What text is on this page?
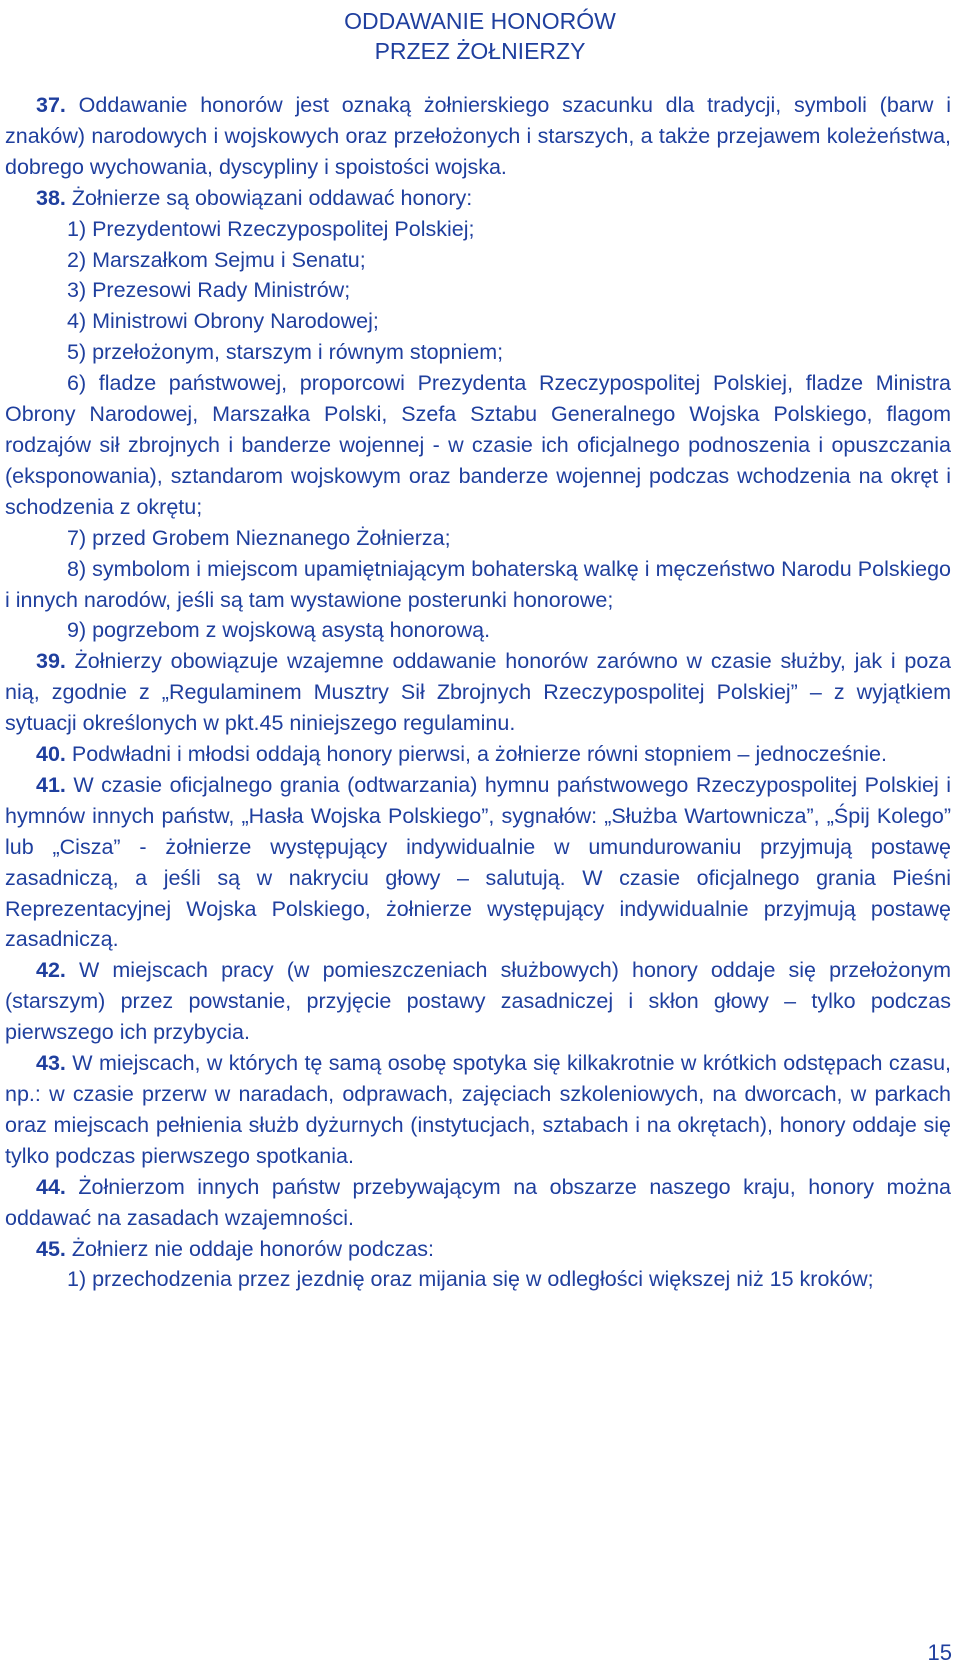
ODDAWANIE HONORÓW
PRZEZ ŻOŁNIERZY

37. Oddawanie honorów jest oznaką żołnierskiego szacunku dla tradycji, symboli (barw i znaków) narodowych i wojskowych oraz przełożonych i starszych, a także przejawem koleżeństwa, dobrego wychowania, dyscypliny i spoistości wojska.

38. Żołnierze są obowiązani oddawać honory:

1) Prezydentowi Rzeczypospolitej Polskiej;

2) Marszałkom Sejmu i Senatu;

3) Prezesowi Rady Ministrów;

4) Ministrowi Obrony Narodowej;

5) przełożonym, starszym i równym stopniem;

6) fladze państwowej, proporcowi Prezydenta Rzeczypospolitej Polskiej, fladze Ministra Obrony Narodowej, Marszałka Polski, Szefa Sztabu Generalnego Wojska Polskiego, flagom rodzajów sił zbrojnych i banderze wojennej - w czasie ich oficjalnego podnoszenia i opuszczania (eksponowania), sztandarom wojskowym oraz banderze wojennej podczas wchodzenia na okręt i schodzenia z okrętu;

7) przed Grobem Nieznanego Żołnierza;

8) symbolom i miejscom upamiętniającym bohaterską walkę i męczeństwo Narodu Polskiego i innych narodów, jeśli są tam wystawione posterunki honorowe;

9) pogrzebom z wojskową asystą honorową.

39. Żołnierzy obowiązuje wzajemne oddawanie honorów zarówno w czasie służby, jak i poza nią, zgodnie z „Regulaminem Musztry Sił Zbrojnych Rzeczypospolitej Polskiej” – z wyjątkiem sytuacji określonych w pkt.45 niniejszego regulaminu.

40. Podwładni i młodsi oddają honory pierwsi, a żołnierze równi stopniem – jednocześnie.

41. W czasie oficjalnego grania (odtwarzania) hymnu państwowego Rzeczypospolitej Polskiej i hymnów innych państw, „Hasła Wojska Polskiego”, sygnałów: „Służba Wartownicza”, „Śpij Kolego” lub „Cisza” - żołnierze występujący indywidualnie w umundurowaniu przyjmują postawę zasadniczą, a jeśli są w nakryciu głowy – salutują. W czasie oficjalnego grania Pieśni Reprezentacyjnej Wojska Polskiego, żołnierze występujący indywidualnie przyjmują postawę zasadniczą.

42. W miejscach pracy (w pomieszczeniach służbowych) honory oddaje się przełożonym (starszym) przez powstanie, przyjęcie postawy zasadniczej i skłon głowy – tylko podczas pierwszego ich przybycia.

43. W miejscach, w których tę samą osobę spotyka się kilkakrotnie w krótkich odstępach czasu, np.: w czasie przerw w naradach, odprawach, zajęciach szkoleniowych, na dworcach, w parkach oraz miejscach pełnienia służb dyżurnych (instytucjach, sztabach i na okrętach), honory oddaje się tylko podczas pierwszego spotkania.

44. Żołnierzom innych państw przebywającym na obszarze naszego kraju, honory można oddawać na zasadach wzajemności.

45. Żołnierz nie oddaje honorów podczas:

1) przechodzenia przez jezdnię oraz mijania się w odległości większej niż 15 kroków;

15
